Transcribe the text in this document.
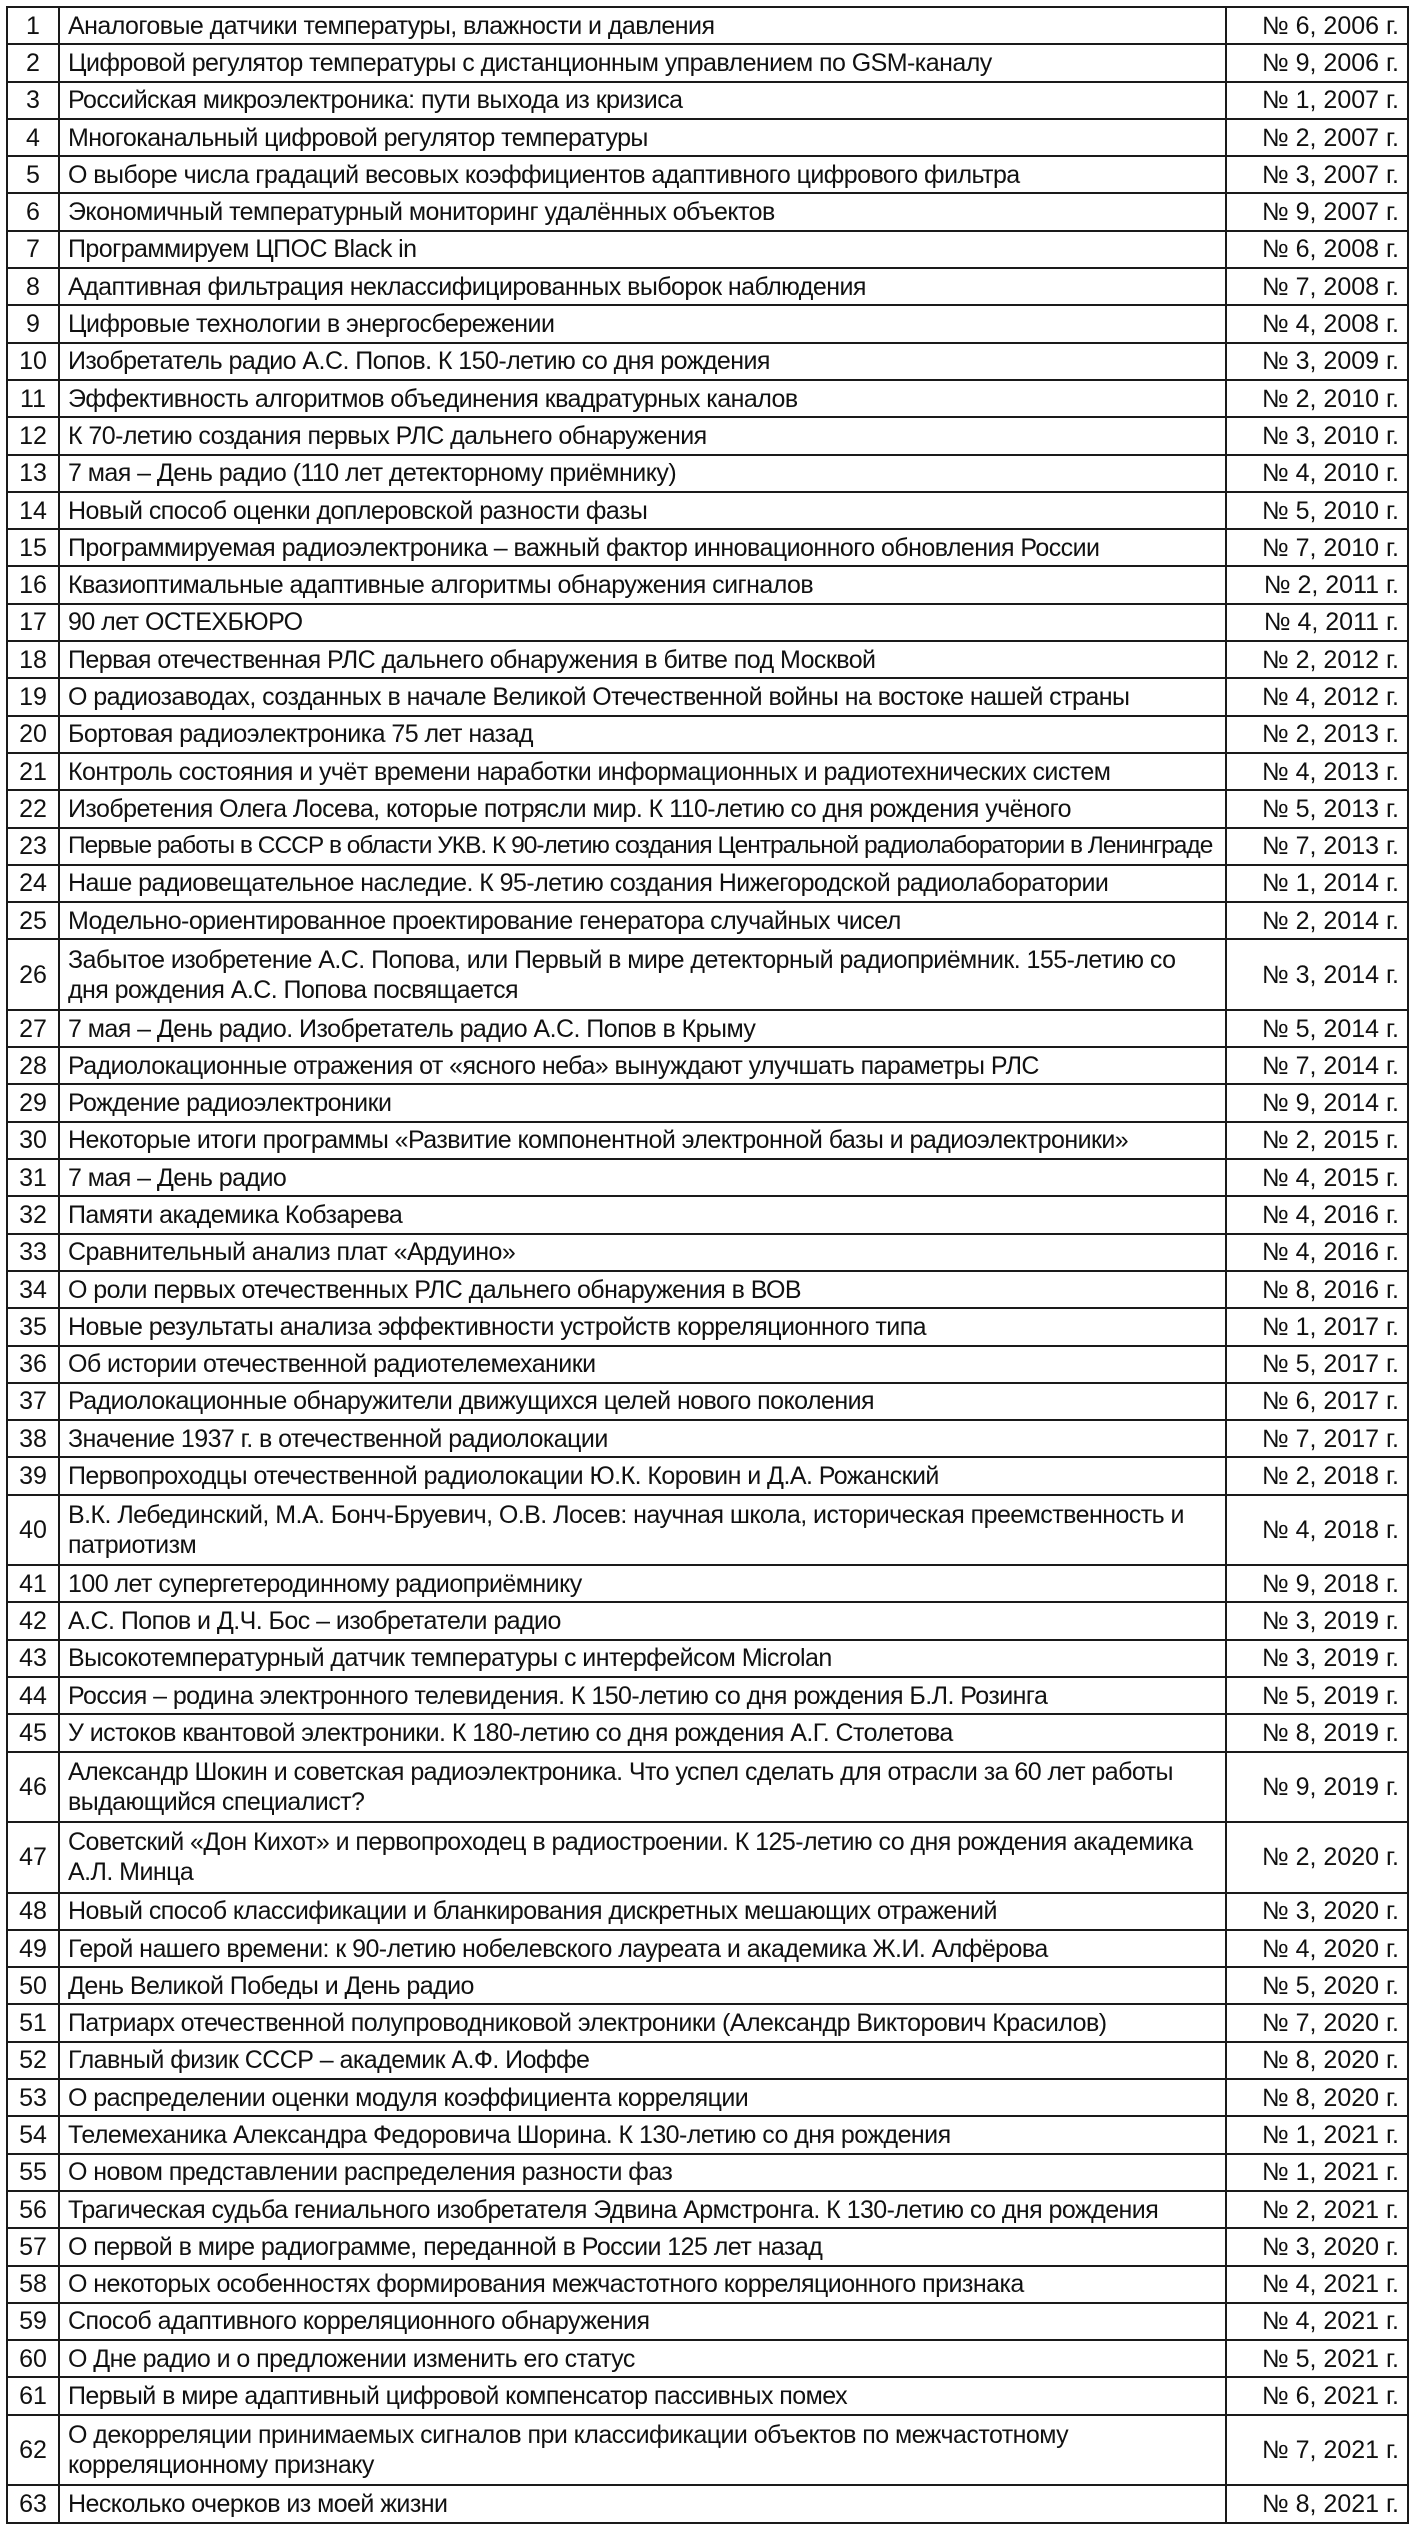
1	Аналоговые датчики температуры, влажности и давления	№ 6, 2006 г.
2	Цифровой регулятор температуры с дистанционным управлением по GSM-каналу	№ 9, 2006 г.
3	Российская микроэлектроника: пути выхода из кризиса	№ 1, 2007 г.
4	Многоканальный цифровой регулятор температуры	№ 2, 2007 г.
5	О выборе числа градаций весовых коэффициентов адаптивного цифрового фильтра	№ 3, 2007 г.
6	Экономичный температурный мониторинг удалённых объектов	№ 9, 2007 г.
7	Программируем ЦПОС Black in	№ 6, 2008 г.
8	Адаптивная фильтрация неклассифицированных выборок наблюдения	№ 7, 2008 г.
9	Цифровые технологии в энергосбережении	№ 4, 2008 г.
10	Изобретатель радио А.С. Попов. К 150-летию со дня рождения	№ 3, 2009 г.
11	Эффективность алгоритмов объединения квадратурных каналов	№ 2, 2010 г.
12	К 70-летию создания первых РЛС дальнего обнаружения	№ 3, 2010 г.
13	7 мая – День радио (110 лет детекторному приёмнику)	№ 4, 2010 г.
14	Новый способ оценки доплеровской разности фазы	№ 5, 2010 г.
15	Программируемая радиоэлектроника – важный фактор инновационного обновления России	№ 7, 2010 г.
16	Квазиоптимальные адаптивные алгоритмы обнаружения сигналов	№ 2, 2011 г.
17	90 лет ОСТЕХБЮРО	№ 4, 2011 г.
18	Первая отечественная РЛС дальнего обнаружения в битве под Москвой	№ 2, 2012 г.
19	О радиозаводах, созданных в начале Великой Отечественной войны на востоке нашей страны	№ 4, 2012 г.
20	Бортовая радиоэлектроника 75 лет назад	№ 2, 2013 г.
21	Контроль состояния и учёт времени наработки информационных и радиотехнических систем	№ 4, 2013 г.
22	Изобретения Олега Лосева, которые потрясли мир. К 110-летию со дня рождения учёного	№ 5, 2013 г.
23	Первые работы в СССР в области УКВ. К 90-летию создания Центральной радиолаборатории в Ленинграде	№ 7, 2013 г.
24	Наше радиовещательное наследие. К 95-летию создания Нижегородской радиолаборатории	№ 1, 2014 г.
25	Модельно-ориентированное проектирование генератора случайных чисел	№ 2, 2014 г.
26	Забытое изобретение А.С. Попова, или Первый в мире детекторный радиоприёмник. 155-летию со дня рождения А.С. Попова посвящается	№ 3, 2014 г.
27	7 мая – День радио. Изобретатель радио А.С. Попов в Крыму	№ 5, 2014 г.
28	Радиолокационные отражения от «ясного неба» вынуждают улучшать параметры РЛС	№ 7, 2014 г.
29	Рождение радиоэлектроники	№ 9, 2014 г.
30	Некоторые итоги программы «Развитие компонентной электронной базы и радиоэлектроники»	№ 2, 2015 г.
31	7 мая – День радио	№ 4, 2015 г.
32	Памяти академика Кобзарева	№ 4, 2016 г.
33	Сравнительный анализ плат «Ардуино»	№ 4, 2016 г.
34	О роли первых отечественных РЛС дальнего обнаружения в ВОВ	№ 8, 2016 г.
35	Новые результаты анализа эффективности устройств корреляционного типа	№ 1, 2017 г.
36	Об истории отечественной радиотелемеханики	№ 5, 2017 г.
37	Радиолокационные обнаружители движущихся целей нового поколения	№ 6, 2017 г.
38	Значение 1937 г. в отечественной радиолокации	№ 7, 2017 г.
39	Первопроходцы отечественной радиолокации Ю.К. Коровин и Д.А. Рожанский	№ 2, 2018 г.
40	В.К. Лебединский, М.А. Бонч-Бруевич, О.В. Лосев: научная школа, историческая преемственность и патриотизм	№ 4, 2018 г.
41	100 лет супергетеродинному радиоприёмнику	№ 9, 2018 г.
42	А.С. Попов и Д.Ч. Бос – изобретатели радио	№ 3, 2019 г.
43	Высокотемпературный датчик температуры с интерфейсом Microlan	№ 3, 2019 г.
44	Россия – родина электронного телевидения. К 150-летию со дня рождения Б.Л. Розинга	№ 5, 2019 г.
45	У истоков квантовой электроники. К 180-летию со дня рождения А.Г. Столетова	№ 8, 2019 г.
46	Александр Шокин и советская радиоэлектроника. Что успел сделать для отрасли за 60 лет работы выдающийся специалист?	№ 9, 2019 г.
47	Советский «Дон Кихот» и первопроходец в радиостроении. К 125-летию со дня рождения академика А.Л. Минца	№ 2, 2020 г.
48	Новый способ классификации и бланкирования дискретных мешающих отражений	№ 3, 2020 г.
49	Герой нашего времени: к 90-летию нобелевского лауреата и академика Ж.И. Алфёрова	№ 4, 2020 г.
50	День Великой Победы и День радио	№ 5, 2020 г.
51	Патриарх отечественной полупроводниковой электроники (Александр Викторович Красилов)	№ 7, 2020 г.
52	Главный физик СССР – академик А.Ф. Иоффе	№ 8, 2020 г.
53	О распределении оценки модуля коэффициента корреляции	№ 8, 2020 г.
54	Телемеханика Александра Федоровича Шорина. К 130-летию со дня рождения	№ 1, 2021 г.
55	О новом представлении распределения разности фаз	№ 1, 2021 г.
56	Трагическая судьба гениального изобретателя Эдвина Армстронга. К 130-летию со дня рождения	№ 2, 2021 г.
57	О первой в мире радиограмме, переданной в России 125 лет назад	№ 3, 2020 г.
58	О некоторых особенностях формирования межчастотного корреляционного признака	№ 4, 2021 г.
59	Способ адаптивного корреляционного обнаружения	№ 4, 2021 г.
60	О Дне радио и о предложении изменить его статус	№ 5, 2021 г.
61	Первый в мире адаптивный цифровой компенсатор пассивных помех	№ 6, 2021 г.
62	О декорреляции принимаемых сигналов при классификации объектов по межчастотному корреляционному признаку	№ 7, 2021 г.
63	Несколько очерков из моей жизни	№ 8, 2021 г.
